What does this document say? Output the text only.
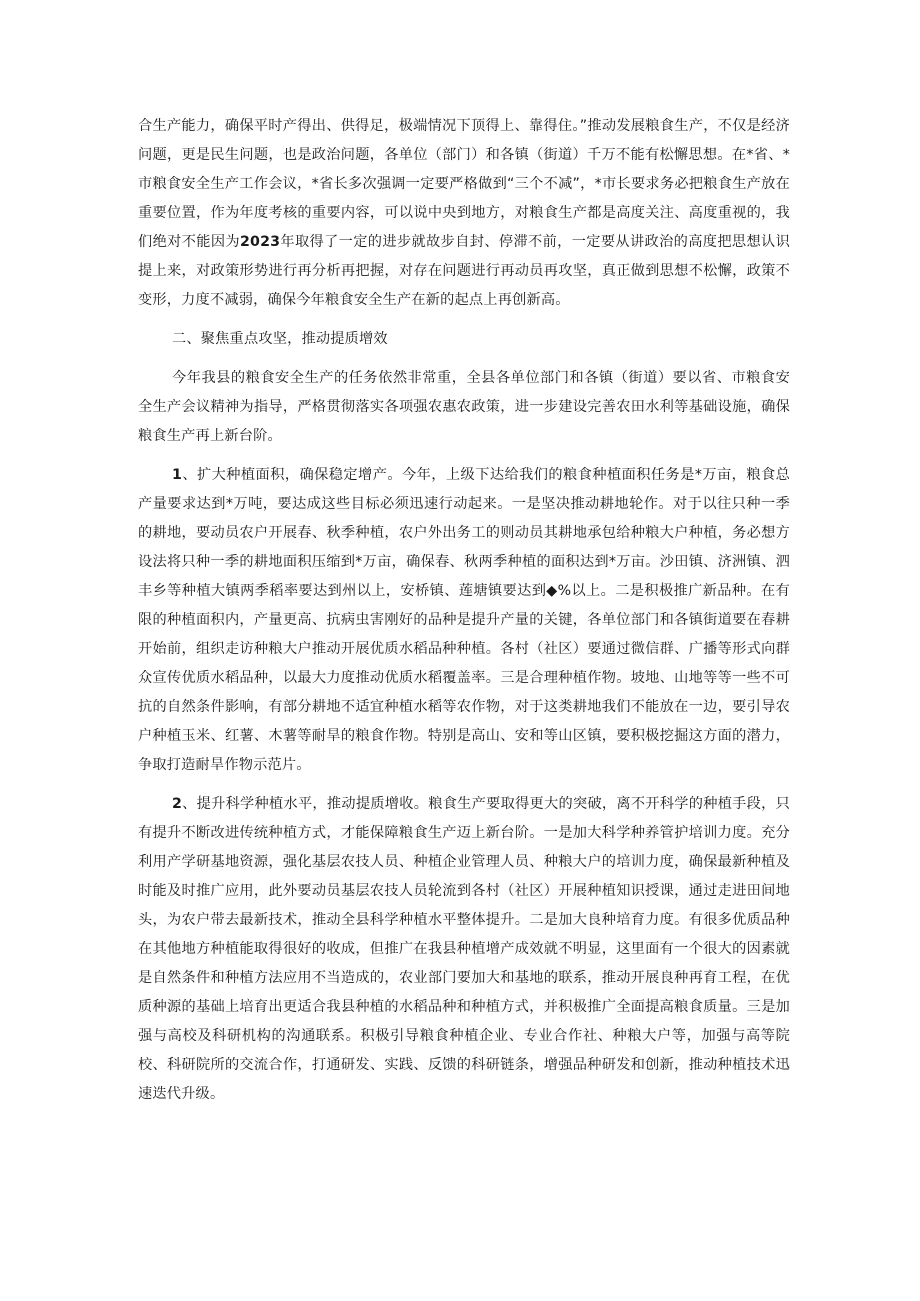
合生产能力，确保平时产得出、供得足，极端情况下顶得上、靠得住。”推动发展粮食生产，不仅是经济问题，更是民生问题，也是政治问题，各单位（部门）和各镇（街道）千万不能有松懈思想。在*省、*市粮食安全生产工作会议，*省长多次强调一定要严格做到“三个不减”，*市长要求务必把粮食生产放在重要位置，作为年度考核的重要内容，可以说中央到地方，对粮食生产都是高度关注、高度重视的，我们绝对不能因为2023年取得了一定的进步就故步自封、停滞不前，一定要从讲政治的高度把思想认识提上来，对政策形势进行再分析再把握，对存在问题进行再动员再攻坚，真正做到思想不松懈，政策不变形，力度不减弱，确保今年粮食安全生产在新的起点上再创新高。

二、聚焦重点攻坚，推动提质增效

今年我县的粮食安全生产的任务依然非常重，全县各单位部门和各镇（街道）要以省、市粮食安全生产会议精神为指导，严格贯彻落实各项强农惠农政策，进一步建设完善农田水利等基础设施，确保粮食生产再上新台阶。

1、扩大种植面积，确保稳定增产。今年，上级下达给我们的粮食种植面积任务是*万亩，粮食总产量要求达到*万吨，要达成这些目标必须迅速行动起来。一是坚决推动耕地轮作。对于以往只种一季的耕地，要动员农户开展春、秋季种植，农户外出务工的则动员其耕地承包给种粮大户种植，务必想方设法将只种一季的耕地面积压缩到*万亩，确保春、秋两季种植的面积达到*万亩。沙田镇、济洲镇、泗丰乡等种植大镇两季稻率要达到州以上，安桥镇、莲塘镇要达到◆%以上。二是积极推广新品种。在有限的种植面积内，产量更高、抗病虫害刚好的品种是提升产量的关键，各单位部门和各镇街道要在春耕开始前，组织走访种粮大户推动开展优质水稻品种种植。各村（社区）要通过微信群、广播等形式向群众宣传优质水稻品种，以最大力度推动优质水稻覆盖率。三是合理种植作物。坡地、山地等等一些不可抗的自然条件影响，有部分耕地不适宜种植水稻等农作物，对于这类耕地我们不能放在一边，要引导农户种植玉米、红薯、木薯等耐旱的粮食作物。特别是高山、安和等山区镇，要积极挖掘这方面的潜力，争取打造耐旱作物示范片。

2、提升科学种植水平，推动提质增收。粮食生产要取得更大的突破，离不开科学的种植手段，只有提升不断改进传统种植方式，才能保障粮食生产迈上新台阶。一是加大科学种养管护培训力度。充分利用产学研基地资源，强化基层农技人员、种植企业管理人员、种粮大户的培训力度，确保最新种植及时能及时推广应用，此外要动员基层农技人员轮流到各村（社区）开展种植知识授课，通过走进田间地头，为农户带去最新技术，推动全县科学种植水平整体提升。二是加大良种培育力度。有很多优质品种在其他地方种植能取得很好的收成，但推广在我县种植增产成效就不明显，这里面有一个很大的因素就是自然条件和种植方法应用不当造成的，农业部门要加大和基地的联系，推动开展良种再育工程，在优质种源的基础上培育出更适合我县种植的水稻品种和种植方式，并积极推广全面提高粮食质量。三是加强与高校及科研机构的沟通联系。积极引导粮食种植企业、专业合作社、种粮大户等，加强与高等院校、科研院所的交流合作，打通研发、实践、反馈的科研链条，增强品种研发和创新，推动种植技术迅速迭代升级。
